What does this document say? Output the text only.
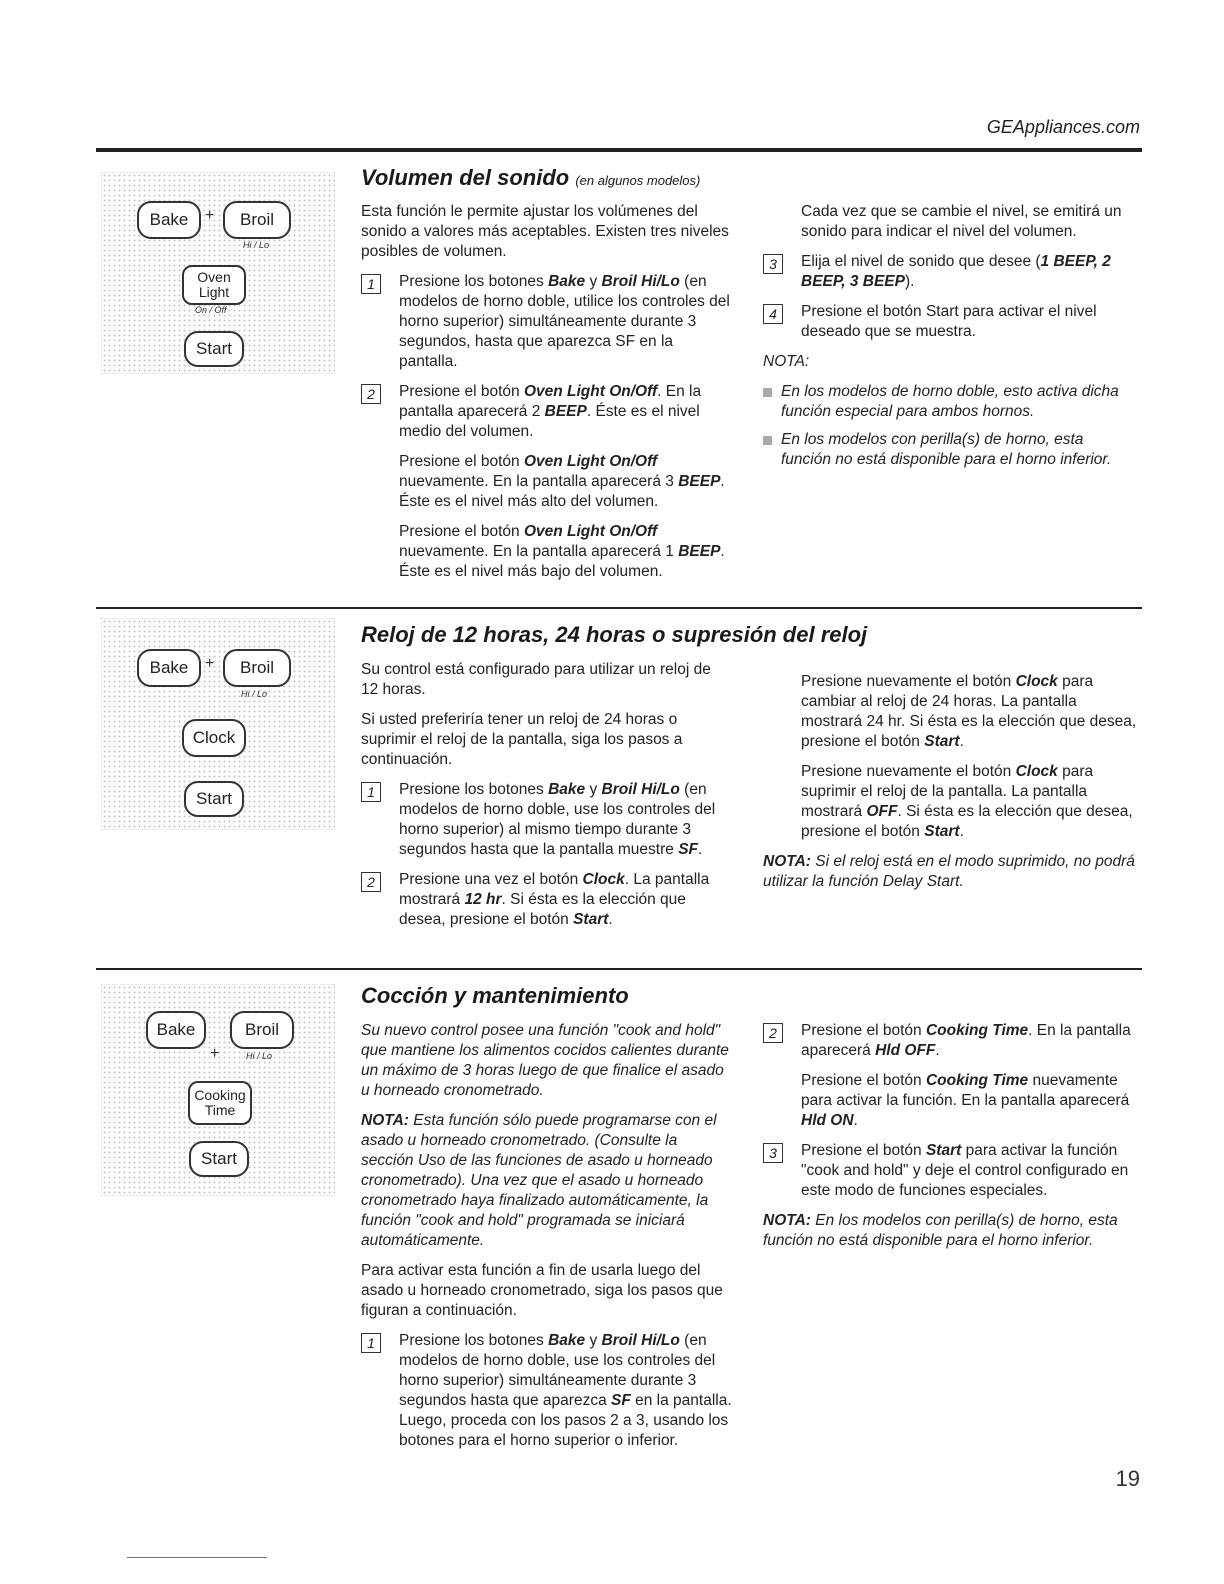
GEAppliances.com
Bake	+	Broil
Hi / Lo
Oven Light
On / Off
Start
Bake	+	Broil
Hi / Lo
Clock
Start
Bake	Broil
+	Hi / Lo
Cooking Time
Start
Volumen del sonido (en algunos modelos)

Esta función le permite ajustar los volúmenes del sonido a valores más aceptables. Existen tres niveles posibles de volumen.

1	Presione los botones Bake y Broil Hi/Lo (en modelos de horno doble, utilice los controles del horno superior) simultáneamente durante 3 segundos, hasta que aparezca SF en la pantalla.
2	Presione el botón Oven Light On/Off. En la pantalla aparecerá 2 BEEP. Éste es el nivel medio del volumen.

Presione el botón Oven Light On/Off nuevamente. En la pantalla aparecerá 3 BEEP. Éste es el nivel más alto del volumen.

Presione el botón Oven Light On/Off nuevamente. En la pantalla aparecerá 1 BEEP. Éste es el nivel más bajo del volumen.

Cada vez que se cambie el nivel, se emitirá un sonido para indicar el nivel del volumen.

3	Elija el nivel de sonido que desee (1 BEEP, 2 BEEP, 3 BEEP).
4	Presione el botón Start para activar el nivel deseado que se muestra.

NOTA:

En los modelos de horno doble, esto activa dicha función especial para ambos hornos.
En los modelos con perilla(s) de horno, esta función no está disponible para el horno inferior.
Reloj de 12 horas, 24 horas o supresión del reloj

Su control está configurado para utilizar un reloj de 12 horas.

Si usted preferiría tener un reloj de 24 horas o suprimir el reloj de la pantalla, siga los pasos a continuación.

1	Presione los botones Bake y Broil Hi/Lo (en modelos de horno doble, use los controles del horno superior) al mismo tiempo durante 3 segundos hasta que la pantalla muestre SF.
2	Presione una vez el botón Clock. La pantalla mostrará 12 hr. Si ésta es la elección que desea, presione el botón Start.

Presione nuevamente el botón Clock para cambiar al reloj de 24 horas. La pantalla mostrará 24 hr. Si ésta es la elección que desea, presione el botón Start.

Presione nuevamente el botón Clock para suprimir el reloj de la pantalla. La pantalla mostrará OFF. Si ésta es la elección que desea, presione el botón Start.

NOTA: Si el reloj está en el modo suprimido, no podrá utilizar la función Delay Start.

Cocción y mantenimiento

Su nuevo control posee una función "cook and hold" que mantiene los alimentos cocidos calientes durante un máximo de 3 horas luego de que finalice el asado u horneado cronometrado.

NOTA: Esta función sólo puede programarse con el asado u horneado cronometrado. (Consulte la sección Uso de las funciones de asado u horneado cronometrado). Una vez que el asado u horneado cronometrado haya finalizado automáticamente, la función "cook and hold" programada se iniciará automáticamente.

Para activar esta función a fin de usarla luego del asado u horneado cronometrado, siga los pasos que figuran a continuación.

1	Presione los botones Bake y Broil Hi/Lo (en modelos de horno doble, use los controles del horno superior) simultáneamente durante 3 segundos hasta que aparezca SF en la pantalla. Luego, proceda con los pasos 2 a 3, usando los botones para el horno superior o inferior.
2	Presione el botón Cooking Time. En la pantalla aparecerá Hld OFF.

Presione el botón Cooking Time nuevamente para activar la función. En la pantalla aparecerá Hld ON.

3	Presione el botón Start para activar la función "cook and hold" y deje el control configurado en este modo de funciones especiales.

NOTA: En los modelos con perilla(s) de horno, esta función no está disponible para el horno inferior.

19
